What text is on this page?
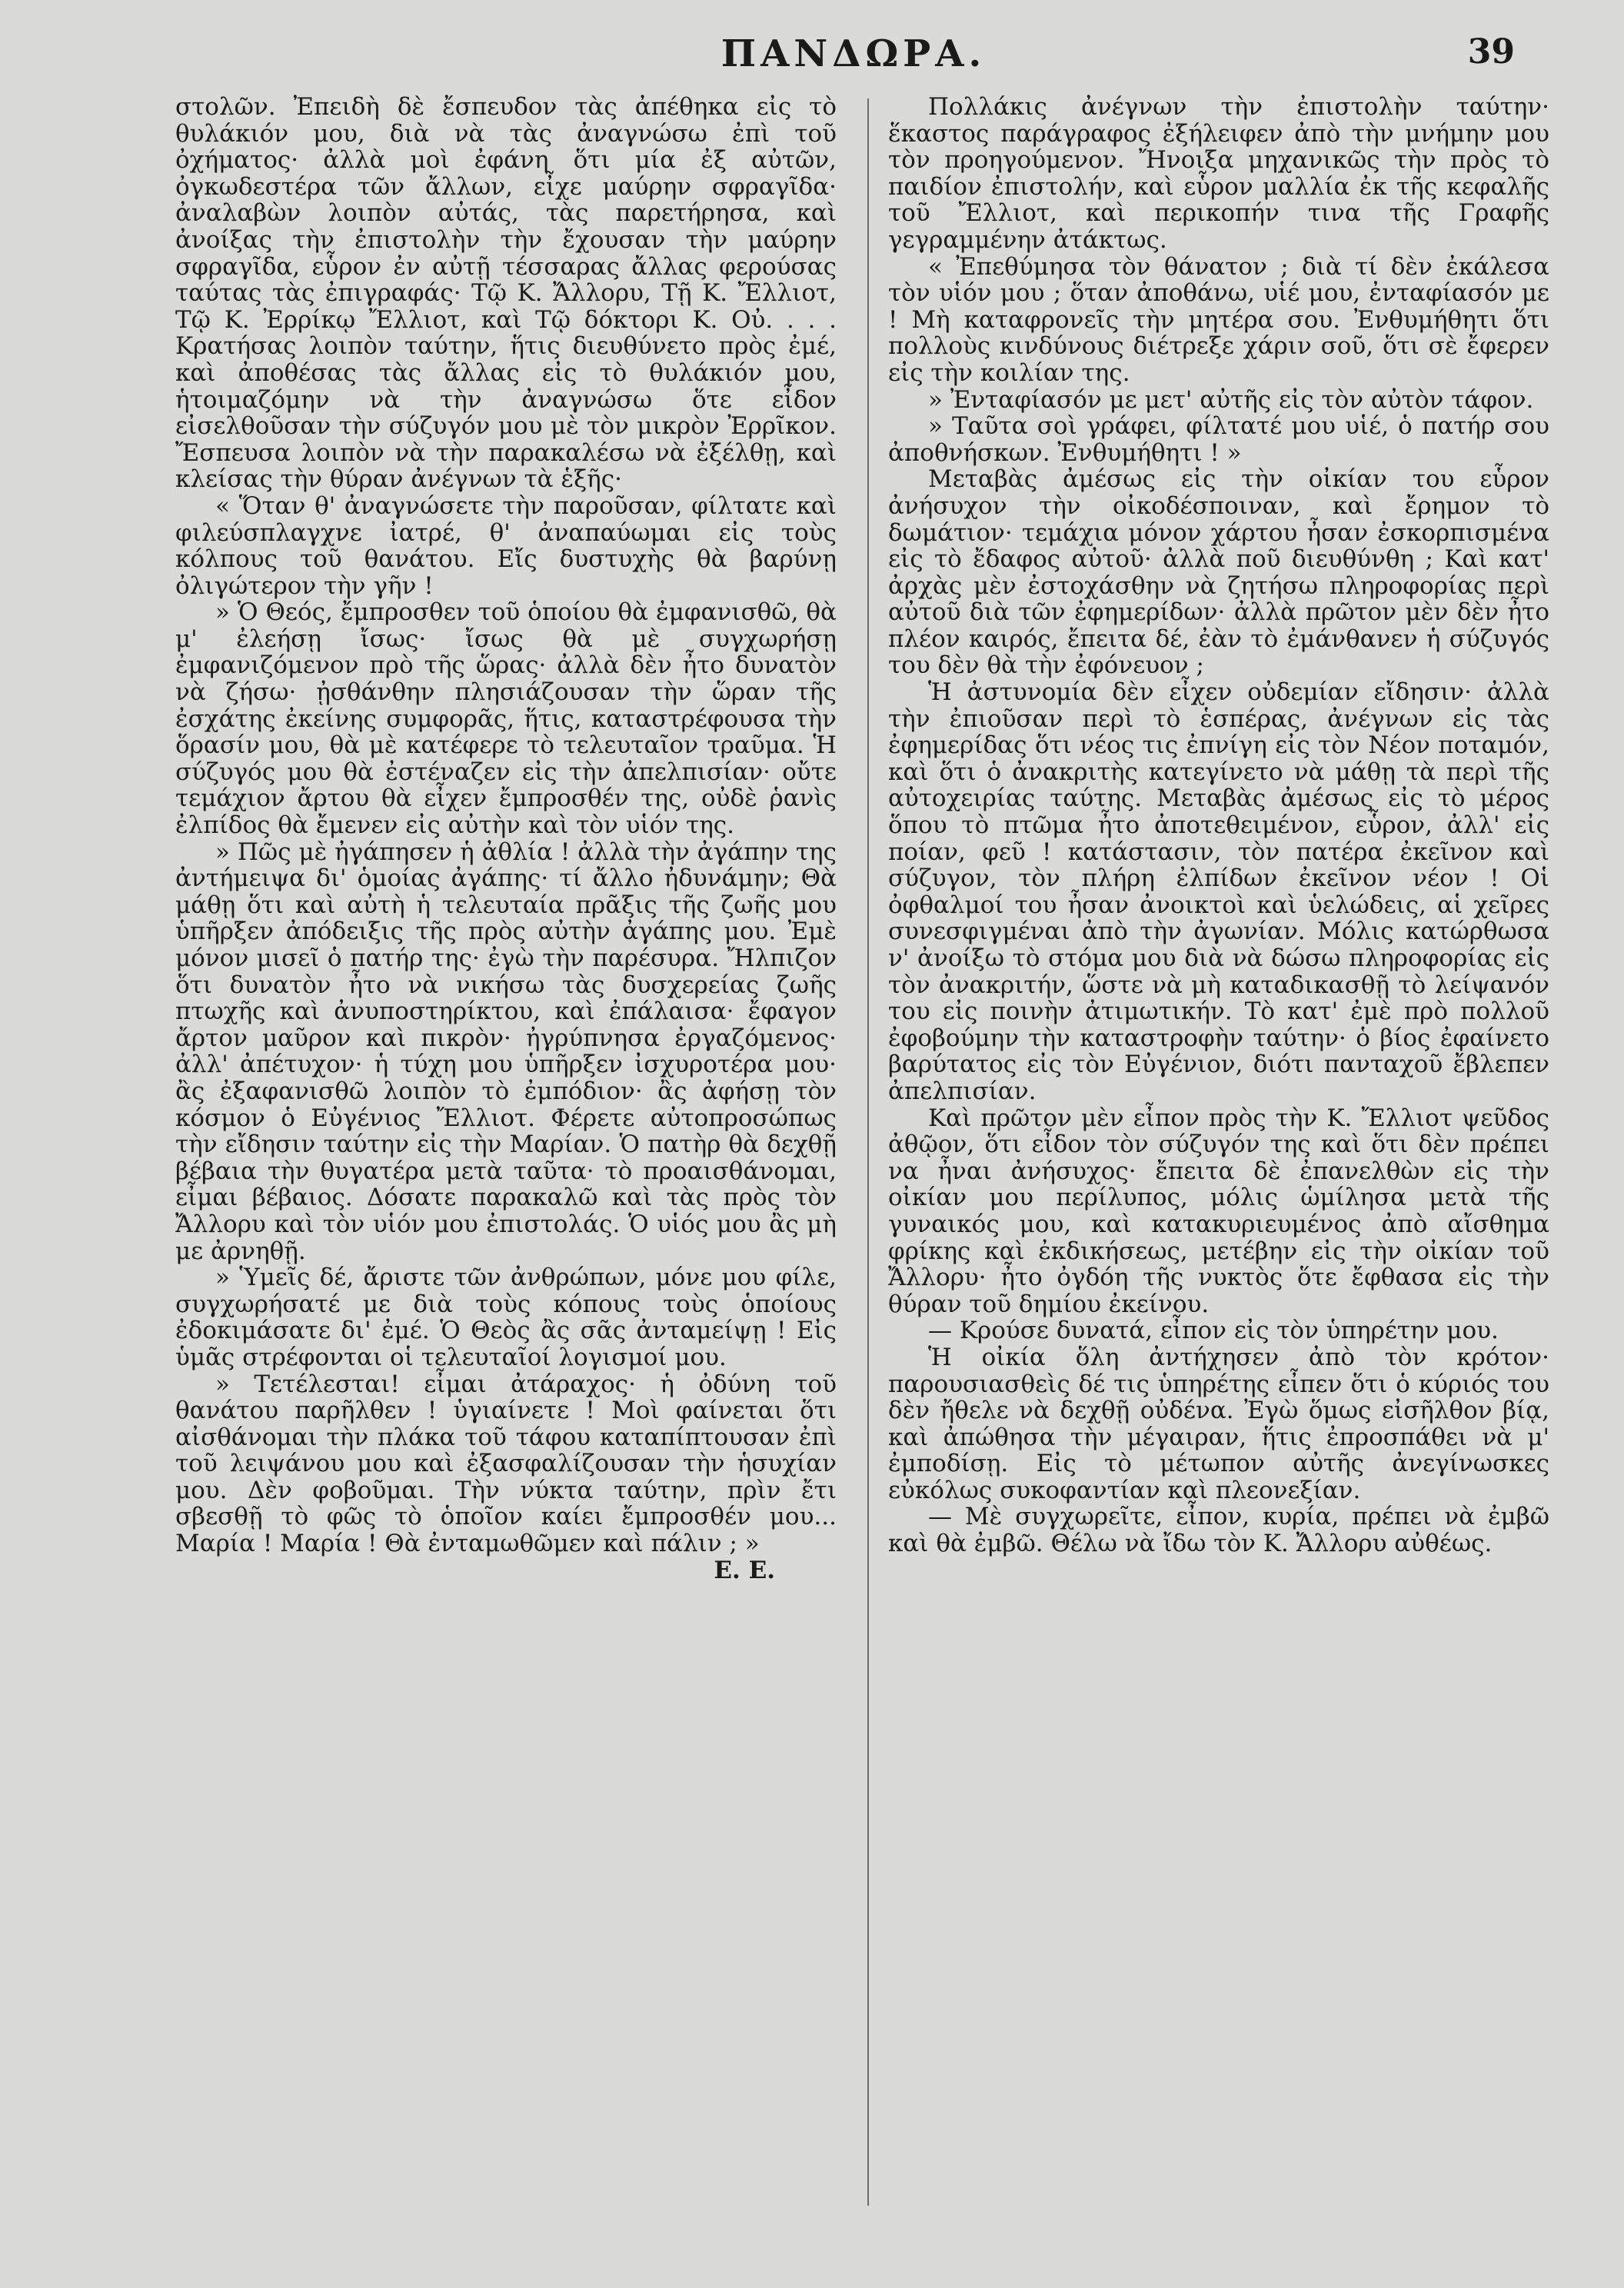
ΠΑΝΔΩΡΑ.	39

στολῶν. Ἐπειδὴ δὲ ἔσπευδον τὰς ἀπέθηκα εἰς τὸ θυλάκιόν μου, διὰ νὰ τὰς ἀναγνώσω ἐπὶ τοῦ ὀχήματος· ἀλλὰ μοὶ ἐφάνη ὅτι μία ἐξ αὐτῶν, ὀγκωδεστέρα τῶν ἄλλων, εἶχε μαύρην σφραγῖδα· ἀναλαβὼν λοιπὸν αὐτάς, τὰς παρετήρησα, καὶ ἀνοίξας τὴν ἐπιστολὴν τὴν ἔχουσαν τὴν μαύρην σφραγῖδα, εὗρον ἐν αὐτῇ τέσσαρας ἄλλας φερούσας ταύτας τὰς ἐπιγραφάς· Τῷ Κ. Ἄλλορυ, Τῇ Κ. Ἔλλιοτ, Τῷ Κ. Ἐρρίκῳ Ἔλλιοτ, καὶ Τῷ δόκτορι Κ. Οὐ. . . . Κρατήσας λοιπὸν ταύτην, ἥτις διευθύνετο πρὸς ἐμέ, καὶ ἀποθέσας τὰς ἄλλας εἰς τὸ θυλάκιόν μου, ἡτοιμαζόμην νὰ τὴν ἀναγνώσω ὅτε εἶδον εἰσελθοῦσαν τὴν σύζυγόν μου μὲ τὸν μικρὸν Ἐρρῖκον. Ἔσπευσα λοιπὸν νὰ τὴν παρακαλέσω νὰ ἐξέλθῃ, καὶ κλείσας τὴν θύραν ἀνέγνων τὰ ἑξῆς·

« Ὅταν θ' ἀναγνώσετε τὴν παροῦσαν, φίλτατε καὶ φιλεύσπλαγχνε ἰατρέ, θ' ἀναπαύωμαι εἰς τοὺς κόλπους τοῦ θανάτου. Εἴς δυστυχὴς θὰ βαρύνῃ ὀλιγώτερον τὴν γῆν !

» Ὁ Θεός, ἔμπροσθεν τοῦ ὁποίου θὰ ἐμφανισθῶ, θὰ μ' ἐλεήσῃ ἴσως· ἴσως θὰ μὲ συγχωρήσῃ ἐμφανιζόμενον πρὸ τῆς ὥρας· ἀλλὰ δὲν ἦτο δυνατὸν νὰ ζήσω· ᾐσθάνθην πλησιάζουσαν τὴν ὥραν τῆς ἐσχάτης ἐκείνης συμφορᾶς, ἥτις, καταστρέφουσα τὴν ὅρασίν μου, θὰ μὲ κατέφερε τὸ τελευταῖον τραῦμα. Ἡ σύζυγός μου θὰ ἐστέναζεν εἰς τὴν ἀπελπισίαν· οὔτε τεμάχιον ἄρτου θὰ εἶχεν ἔμπροσθέν της, οὐδὲ ῥανὶς ἐλπίδος θὰ ἔμενεν εἰς αὐτὴν καὶ τὸν υἱόν της.

» Πῶς μὲ ἠγάπησεν ἡ ἀθλία ! ἀλλὰ τὴν ἀγάπην της ἀντήμειψα δι' ὁμοίας ἀγάπης· τί ἄλλο ἠδυνάμην; Θὰ μάθῃ ὅτι καὶ αὐτὴ ἡ τελευταία πρᾶξις τῆς ζωῆς μου ὑπῆρξεν ἀπόδειξις τῆς πρὸς αὐτὴν ἀγάπης μου. Ἐμὲ μόνον μισεῖ ὁ πατήρ της· ἐγὼ τὴν παρέσυρα. Ἤλπιζον ὅτι δυνατὸν ἦτο νὰ νικήσω τὰς δυσχερείας ζωῆς πτωχῆς καὶ ἀνυποστηρίκτου, καὶ ἐπάλαισα· ἔφαγον ἄρτον μαῦρον καὶ πικρὸν· ἠγρύπνησα ἐργαζόμενος· ἀλλ' ἀπέτυχον· ἡ τύχη μου ὑπῆρξεν ἰσχυροτέρα μου· ἂς ἐξαφανισθῶ λοιπὸν τὸ ἐμπόδιον· ἂς ἀφήσῃ τὸν κόσμον ὁ Εὐγένιος Ἔλλιοτ. Φέρετε αὐτοπροσώπως τὴν εἴδησιν ταύτην εἰς τὴν Μαρίαν. Ὁ πατὴρ θὰ δεχθῇ βέβαια τὴν θυγατέρα μετὰ ταῦτα· τὸ προαισθάνομαι, εἶμαι βέβαιος. Δόσατε παρακαλῶ καὶ τὰς πρὸς τὸν Ἄλλορυ καὶ τὸν υἱόν μου ἐπιστολάς. Ὁ υἱός μου ἂς μὴ με ἀρνηθῇ.

» Ὑμεῖς δέ, ἄριστε τῶν ἀνθρώπων, μόνε μου φίλε, συγχωρήσατέ με διὰ τοὺς κόπους τοὺς ὁποίους ἐδοκιμάσατε δι' ἐμέ. Ὁ Θεὸς ἂς σᾶς ἀνταμείψῃ ! Εἰς ὑμᾶς στρέφονται οἱ τελευταῖοί λογισμοί μου.

» Τετέλεσται! εἶμαι ἀτάραχος· ἡ ὀδύνη τοῦ θανάτου παρῆλθεν ! ὑγιαίνετε ! Μοὶ φαίνεται ὅτι αἰσθάνομαι τὴν πλάκα τοῦ τάφου καταπίπτουσαν ἐπὶ τοῦ λειψάνου μου καὶ ἐξασφαλίζουσαν τὴν ἡσυχίαν μου. Δὲν φοβοῦμαι. Τὴν νύκτα ταύτην, πρὶν ἔτι σβεσθῇ τὸ φῶς τὸ ὁποῖον καίει ἔμπροσθέν μου... Μαρία ! Μαρία ! Θὰ ἐνταμωθῶμεν καὶ πάλιν ; »

Ε. Ε.

Πολλάκις ἀνέγνων τὴν ἐπιστολὴν ταύτην· ἕκαστος παράγραφος ἐξήλειφεν ἀπὸ τὴν μνήμην μου τὸν προηγούμενον. Ἤνοιξα μηχανικῶς τὴν πρὸς τὸ παιδίον ἐπιστολήν, καὶ εὗρον μαλλία ἐκ τῆς κεφαλῆς τοῦ Ἔλλιοτ, καὶ περικοπήν τινα τῆς Γραφῆς γεγραμμένην ἀτάκτως.

« Ἐπεθύμησα τὸν θάνατον ; διὰ τί δὲν ἐκάλεσα τὸν υἱόν μου ; ὅταν ἀποθάνω, υἱέ μου, ἐνταφίασόν με ! Μὴ καταφρονεῖς τὴν μητέρα σου. Ἐνθυμήθητι ὅτι πολλοὺς κινδύνους διέτρεξε χάριν σοῦ, ὅτι σὲ ἔφερεν εἰς τὴν κοιλίαν της.

» Ἐνταφίασόν με μετ' αὐτῆς εἰς τὸν αὐτὸν τάφον.

» Ταῦτα σοὶ γράφει, φίλτατέ μου υἱέ, ὁ πατήρ σου ἀποθνήσκων. Ἐνθυμήθητι ! »

Μεταβὰς ἀμέσως εἰς τὴν οἰκίαν του εὗρον ἀνήσυχον τὴν οἰκοδέσποιναν, καὶ ἔρημον τὸ δωμάτιον· τεμάχια μόνον χάρτου ἦσαν ἐσκορπισμένα εἰς τὸ ἔδαφος αὐτοῦ· ἀλλὰ ποῦ διευθύνθη ; Καὶ κατ' ἀρχὰς μὲν ἐστοχάσθην νὰ ζητήσω πληροφορίας περὶ αὐτοῦ διὰ τῶν ἐφημερίδων· ἀλλὰ πρῶτον μὲν δὲν ἦτο πλέον καιρός, ἔπειτα δέ, ἐὰν τὸ ἐμάνθανεν ἡ σύζυγός του δὲν θὰ τὴν ἐφόνευον ;

Ἡ ἀστυνομία δὲν εἶχεν οὐδεμίαν εἴδησιν· ἀλλὰ τὴν ἐπιοῦσαν περὶ τὸ ἑσπέρας, ἀνέγνων εἰς τὰς ἐφημερίδας ὅτι νέος τις ἐπνίγη εἰς τὸν Νέον ποταμόν, καὶ ὅτι ὁ ἀνακριτὴς κατεγίνετο νὰ μάθῃ τὰ περὶ τῆς αὐτοχειρίας ταύτης. Μεταβὰς ἀμέσως εἰς τὸ μέρος ὅπου τὸ πτῶμα ἦτο ἀποτεθειμένον, εὗρον, ἀλλ' εἰς ποίαν, φεῦ ! κατάστασιν, τὸν πατέρα ἐκεῖνον καὶ σύζυγον, τὸν πλήρη ἐλπίδων ἐκεῖνον νέον ! Οἱ ὀφθαλμοί του ἦσαν ἀνοικτοὶ καὶ ὑελώδεις, αἱ χεῖρες συνεσφιγμέναι ἀπὸ τὴν ἀγωνίαν. Μόλις κατώρθωσα ν' ἀνοίξω τὸ στόμα μου διὰ νὰ δώσω πληροφορίας εἰς τὸν ἀνακριτήν, ὥστε νὰ μὴ καταδικασθῇ τὸ λείψανόν του εἰς ποινὴν ἀτιμωτικήν. Τὸ κατ' ἐμὲ πρὸ πολλοῦ ἐφοβούμην τὴν καταστροφὴν ταύτην· ὁ βίος ἐφαίνετο βαρύτατος εἰς τὸν Εὐγένιον, διότι πανταχοῦ ἔβλεπεν ἀπελπισίαν.

Καὶ πρῶτον μὲν εἶπον πρὸς τὴν Κ. Ἔλλιοτ ψεῦδος ἀθῷον, ὅτι εἶδον τὸν σύζυγόν της καὶ ὅτι δὲν πρέπει να ἦναι ἀνήσυχος· ἔπειτα δὲ ἐπανελθὼν εἰς τὴν οἰκίαν μου περίλυπος, μόλις ὡμίλησα μετὰ τῆς γυναικός μου, καὶ κατακυριευμένος ἀπὸ αἴσθημα φρίκης καὶ ἐκδικήσεως, μετέβην εἰς τὴν οἰκίαν τοῦ Ἄλλορυ· ἦτο ὀγδόη τῆς νυκτὸς ὅτε ἔφθασα εἰς τὴν θύραν τοῦ δημίου ἐκείνου.

— Κρούσε δυνατά, εἶπον εἰς τὸν ὑπηρέτην μου.

Ἡ οἰκία ὅλη ἀντήχησεν ἀπὸ τὸν κρότον· παρουσιασθεὶς δέ τις ὑπηρέτης εἶπεν ὅτι ὁ κύριός του δὲν ἤθελε νὰ δεχθῇ οὐδένα. Ἐγὼ ὅμως εἰσῆλθον βίᾳ, καὶ ἀπώθησα τὴν μέγαιραν, ἥτις ἐπροσπάθει νὰ μ' ἐμποδίσῃ. Εἰς τὸ μέτωπον αὐτῆς ἀνεγίνωσκες εὐκόλως συκοφαντίαν καὶ πλεονεξίαν.

— Μὲ συγχωρεῖτε, εἶπον, κυρία, πρέπει νὰ ἐμβῶ καὶ θὰ ἐμβῶ. Θέλω νὰ ἴδω τὸν Κ. Ἄλλορυ αὐθέως.
